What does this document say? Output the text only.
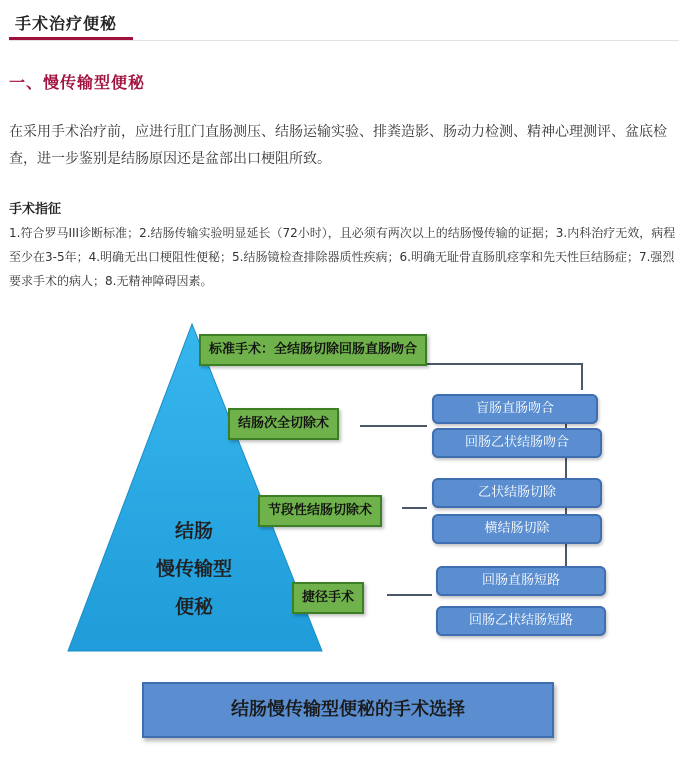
手术治疗便秘
一、慢传输型便秘
在采用手术治疗前，应进行肛门直肠测压、结肠运输实验、排粪造影、肠动力检测、精神心理测评、盆底检查，进一步鉴别是结肠原因还是盆部出口梗阻所致。
手术指征
1.符合罗马III诊断标准；2.结肠传输实验明显延长（72小时），且必须有两次以上的结肠慢传输的证据；3.内科治疗无效，病程至少在3-5年；4.明确无出口梗阻性便秘；5.结肠镜检查排除器质性疾病；6.明确无耻骨直肠肌痉挛和先天性巨结肠症；7.强烈要求手术的病人；8.无精神障碍因素。
结肠
慢传输型
便秘
标准手术：全结肠切除回肠直肠吻合
结肠次全切除术
节段性结肠切除术
捷径手术
盲肠直肠吻合
回肠乙状结肠吻合
乙状结肠切除
横结肠切除
回肠直肠短路
回肠乙状结肠短路
结肠慢传输型便秘的手术选择
